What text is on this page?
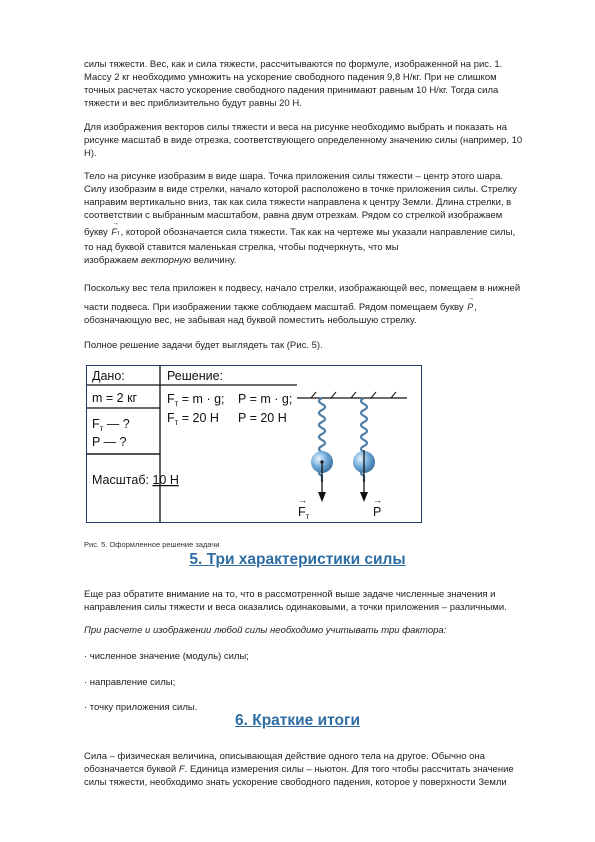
силы тяжести. Вес, как и сила тяжести, рассчитываются по формуле, изображенной на рис. 1.
Массу 2 кг необходимо умножить на ускорение свободного падения 9,8 Н/кг. При не слишком
точных расчетах часто ускорение свободного падения принимают равным 10 Н/кг. Тогда сила
тяжести и вес приблизительно будут равны 20 Н.

Для изображения векторов силы тяжести и веса на рисунке необходимо выбрать и показать на
рисунке масштаб в виде отрезка, соответствующего определенному значению силы (например, 10
Н).

Тело на рисунке изобразим в виде шара. Точка приложения силы тяжести – центр этого шара.
Силу изобразим в виде стрелки, начало которой расположено в точке приложения силы. Стрелку
направим вертикально вниз, так как сила тяжести направлена к центру Земли. Длина стрелки, в
соответствии с выбранным масштабом, равна двум отрезкам. Рядом со стрелкой изображаем
букву
→
Fт, которой обозначается сила тяжести. Так как на чертеже мы указали направление силы,
то над буквой ставится маленькая стрелка, чтобы подчеркнуть, что мы
изображаем векторную величину.

Поскольку вес тела приложен к подвесу, начало стрелки, изображающей вес, помещаем в нижней
части подвеса. При изображении также соблюдаем масштаб. Рядом помещаем букву
→
P,
обозначающую вес, не забывая над буквой поместить небольшую стрелку.

Полное решение задачи будет выглядеть так (Рис. 5).

Дано:
m = 2 кг
$F_т$ — ?
P — ?
Масштаб: 10 Н
Решение:
$F_т = m \cdot g$; P = m · g;
$F_т = 20$ Н P = 20 Н
$F_т$
→
P
→

Рис. 5. Оформленное решение задачи

5. Три характеристики силы

Еще раз обратите внимание на то, что в рассмотренной выше задаче численные значения и
направления силы тяжести и веса оказались одинаковыми, а точки приложения – различными.

При расчете и изображении любой силы необходимо учитывать три фактора:

· численное значение (модуль) силы;

· направление силы;

· точку приложения силы.

6. Краткие итоги

Сила – физическая величина, описывающая действие одного тела на другое. Обычно она
обозначается буквой F. Единица измерения силы – ньютон. Для того чтобы рассчитать значение
силы тяжести, необходимо знать ускорение свободного падения, которое у поверхности Земли
